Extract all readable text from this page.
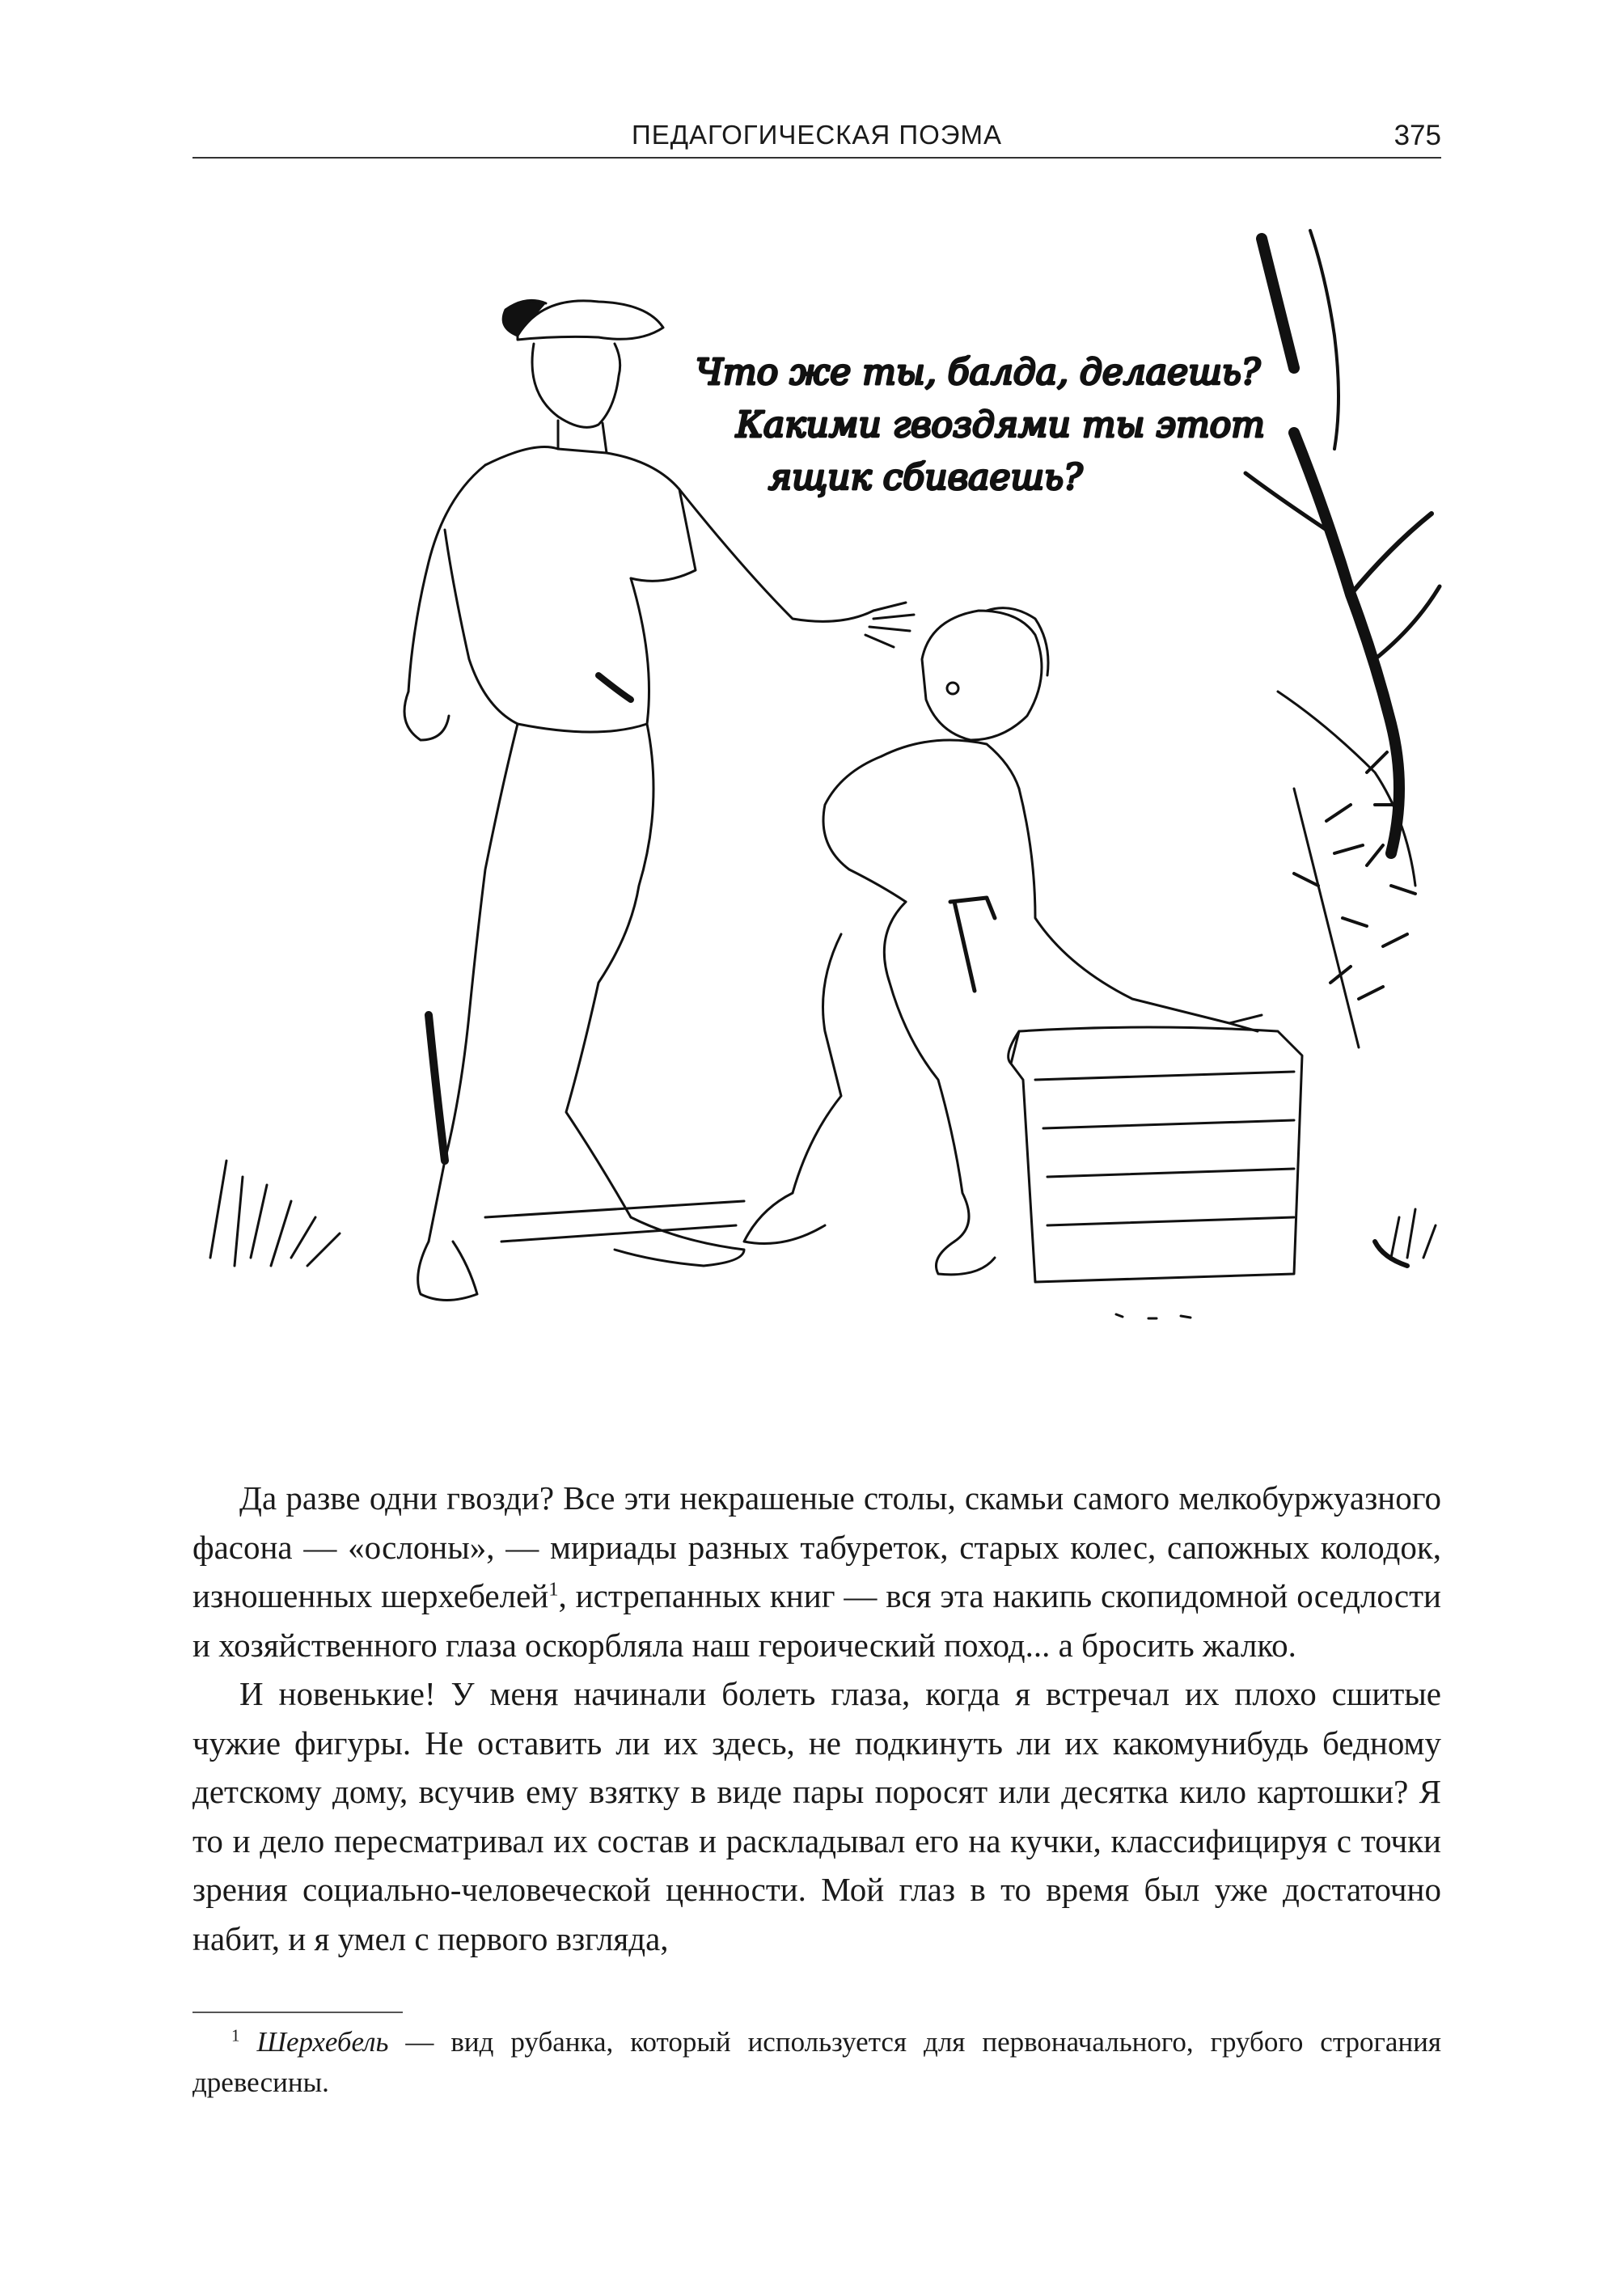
ПЕДАГОГИЧЕСКАЯ ПОЭМА	375
Что же ты, балда, делаешь?
Какими гвоздями ты этот
ящик сбиваешь?

Да разве одни гвозди? Все эти некрашеные столы, скамьи самого мелкобуржуазного фасона — «ослоны», — мириады разных табуреток, старых колес, сапожных колодок, изношенных шерхебелей$^1$, истрепанных книг — вся эта накипь скопидомной оседлости и хозяйственного глаза оскорбляла наш героический поход... а бросить жалко.

И новенькие! У меня начинали болеть глаза, когда я встречал их плохо сшитые чужие фигуры. Не оставить ли их здесь, не подкинуть ли их какомунибудь бедному детскому дому, всучив ему взятку в виде пары поросят или десятка кило картошки? Я то и дело пересматривал их состав и раскладывал его на кучки, классифицируя с точки зрения социально-человеческой ценности. Мой глаз в то время был уже достаточно набит, и я умел с первого взгляда,

$^1$ Шерхебель — вид рубанка, который используется для первоначального, грубого строгания древесины.
